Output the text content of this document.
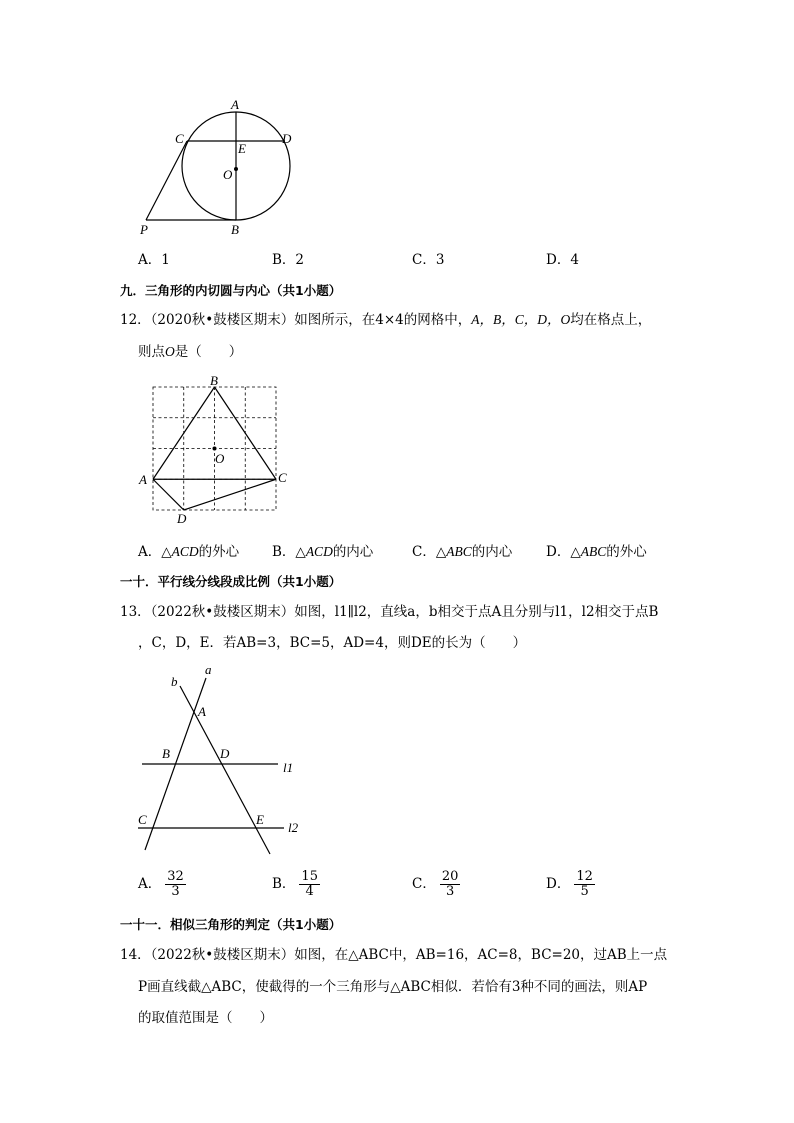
A
C	D
E
O
P	B
A．1	B．2	C．3	D．4
九．三角形的内切圆与内心（共1小题）
12．（2020秋•鼓楼区期末）如图所示，在4×4的网格中，A，B，C，D，O均在格点上，
则点O是（　　）
B
O
A	C
D
A．△ACD的外心 B．△ACD的内心	C．△ABC的内心	D．△ABC的外心
一十．平行线分线段成比例（共1小题）
13．（2022秋•鼓楼区期末）如图，l1∥l2，直线a，b相交于点A且分别与l1，l2相交于点B
，C，D，E．若AB=3，BC=5，AD=4，则DE的长为（　　）
a
b
A
B	D
l1
C	E
l2
A． $\frac{32}{3}$	B． $\frac{15}{4}$	C． $\frac{20}{3}$	D． $\frac{12}{5}$
一十一．相似三角形的判定（共1小题）
14．（2022秋•鼓楼区期末）如图，在△ABC中，AB=16，AC=8，BC=20，过AB上一点
P画直线截△ABC，使截得的一个三角形与△ABC相似．若恰有3种不同的画法，则AP
的取值范围是（　　）
